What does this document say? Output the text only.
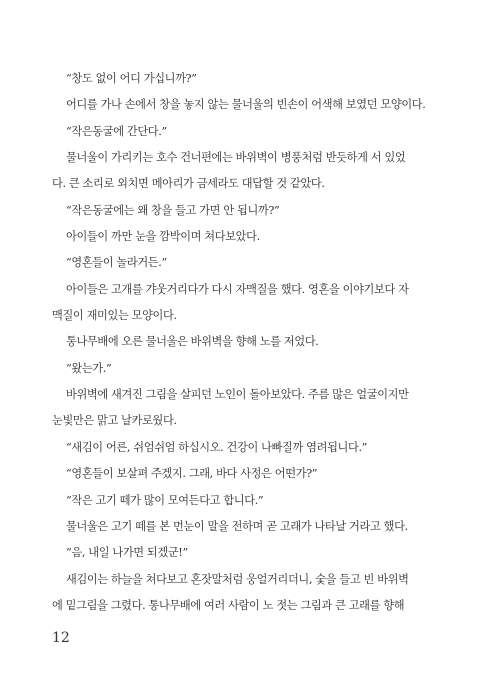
“창도 없이 어디 가십니까?”
어디를 가나 손에서 창을 놓지 않는 물너울의 빈손이 어색해 보였던 모양이다.
“작은동굴에 간단다.”
물너울이 가리키는 호수 건너편에는 바위벽이 병풍처럼 반듯하게 서 있었
다. 큰 소리로 외치면 메아리가 금세라도 대답할 것 같았다.
“작은동굴에는 왜 창을 들고 가면 안 됩니까?”
아이들이 까만 눈을 깜박이며 쳐다보았다.
“영혼들이 놀라거든.”
아이들은 고개를 갸웃거리다가 다시 자맥질을 했다. 영혼을 이야기보다 자
맥질이 재미있는 모양이다.
통나무배에 오른 물너울은 바위벽을 향해 노를 저었다.
“왔는가.”
바위벽에 새겨진 그림을 살피던 노인이 돌아보았다. 주름 많은 얼굴이지만
눈빛만은 맑고 날카로웠다.
“새김이 어른, 쉬엄쉬엄 하십시오. 건강이 나빠질까 염려됩니다.”
“영혼들이 보살펴 주겠지. 그래, 바다 사정은 어떤가?”
“작은 고기 떼가 많이 모여든다고 합니다.”
물너울은 고기 떼를 본 먼눈이 말을 전하며 곧 고래가 나타날 거라고 했다.
“음, 내일 나가면 되겠군!”
새김이는 하늘을 쳐다보고 혼잣말처럼 웅얼거리더니, 숯을 들고 빈 바위벽
에 밑그림을 그렸다. 통나무배에 여러 사람이 노 젓는 그림과 큰 고래를 향해
12
